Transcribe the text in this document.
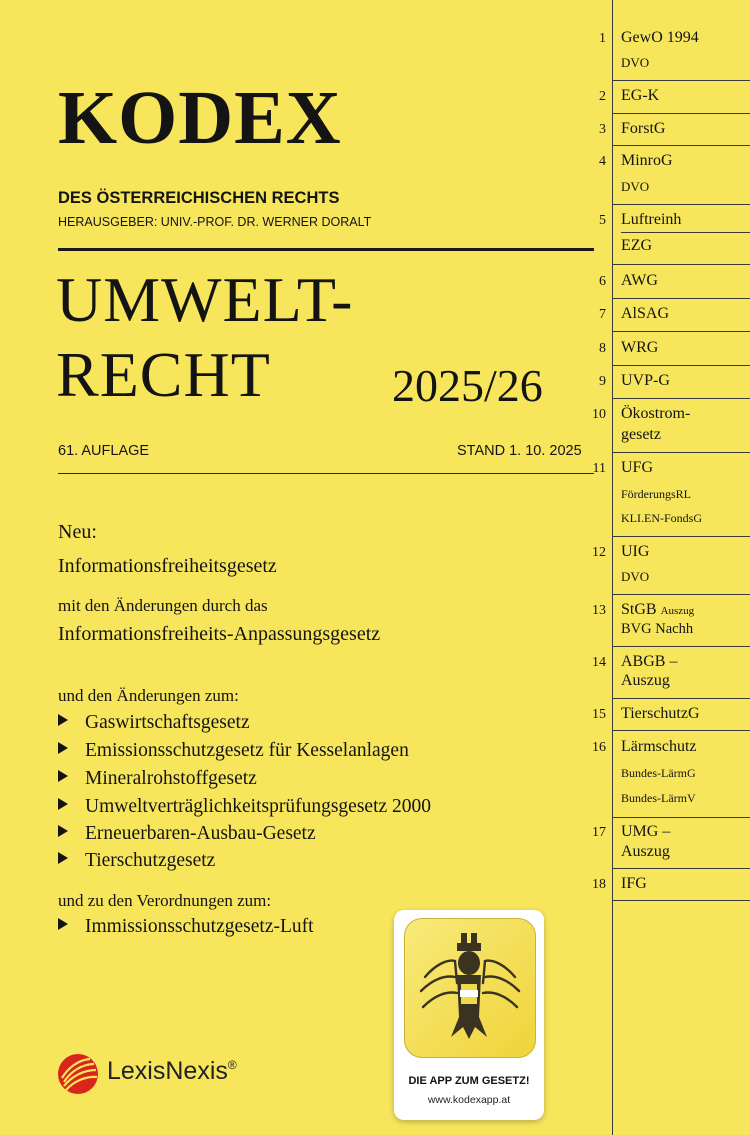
KODEX
DES ÖSTERREICHISCHEN RECHTS
HERAUSGEBER: UNIV.-PROF. DR. WERNER DORALT
UMWELT-
RECHT	2025/26
61. AUFLAGE	STAND 1. 10. 2025
Neu:
Informationsfreiheitsgesetz
mit den Änderungen durch das
Informationsfreiheits-Anpassungsgesetz
und den Änderungen zum:
Gaswirtschaftsgesetz
Emissionsschutzgesetz für Kesselanlagen
Mineralrohstoffgesetz
Umweltverträglichkeitsprüfungsgesetz 2000
Erneuerbaren-Ausbau-Gesetz
Tierschutzgesetz
und zu den Verordnungen zum:
Immissionsschutzgesetz-Luft
1 GewO 1994
DVO
2 EG-K
3 ForstG
4 MinroG
DVO
5 Luftreinh
EZG
6 AWG
7 AlSAG
8 WRG
9 UVP-G
10 Ökostrom-
gesetz
11 UFG
FörderungsRL
KLI.EN-FondsG
12 UIG
DVO
13 StGB Auszug
BVG Nachh
14 ABGB –
Auszug
15 TierschutzG
16 Lärmschutz
Bundes-LärmG
Bundes-LärmV
17 UMG –
Auszug
18 IFG
LexisNexis®
DIE APP ZUM GESETZ!
www.kodexapp.at
